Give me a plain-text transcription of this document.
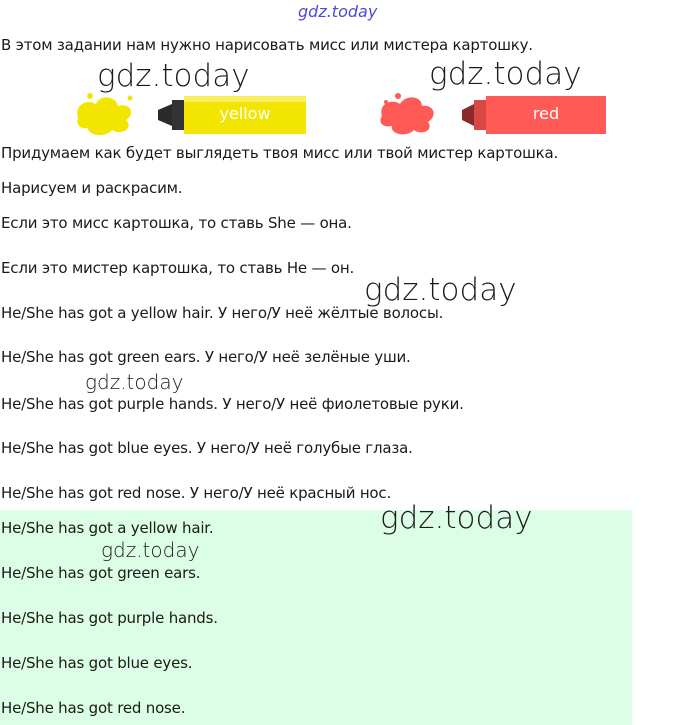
gdz.today
В этом задании нам нужно нарисовать мисс или мистера картошку.
yellow
gdz.today
red
gdz.today
Придумаем как будет выглядеть твоя мисс или твой мистер картошка.
Нарисуем и раскрасим.
Если это мисс картошка, то ставь She — она.
Если это мистер картошка, то ставь He — он.
gdz.today
He/She has got a yellow hair. У него/У неё жёлтые волосы.
He/She has got green ears. У него/У неё зелёные уши.
gdz.today
He/She has got purple hands. У него/У неё фиолетовые руки.
He/She has got blue eyes. У него/У неё голубые глаза.
He/She has got red nose. У него/У неё красный нос.
He/She has got a yellow hair.	gdz.today
gdz.today
He/She has got green ears.
He/She has got purple hands.
He/She has got blue eyes.
He/She has got red nose.
